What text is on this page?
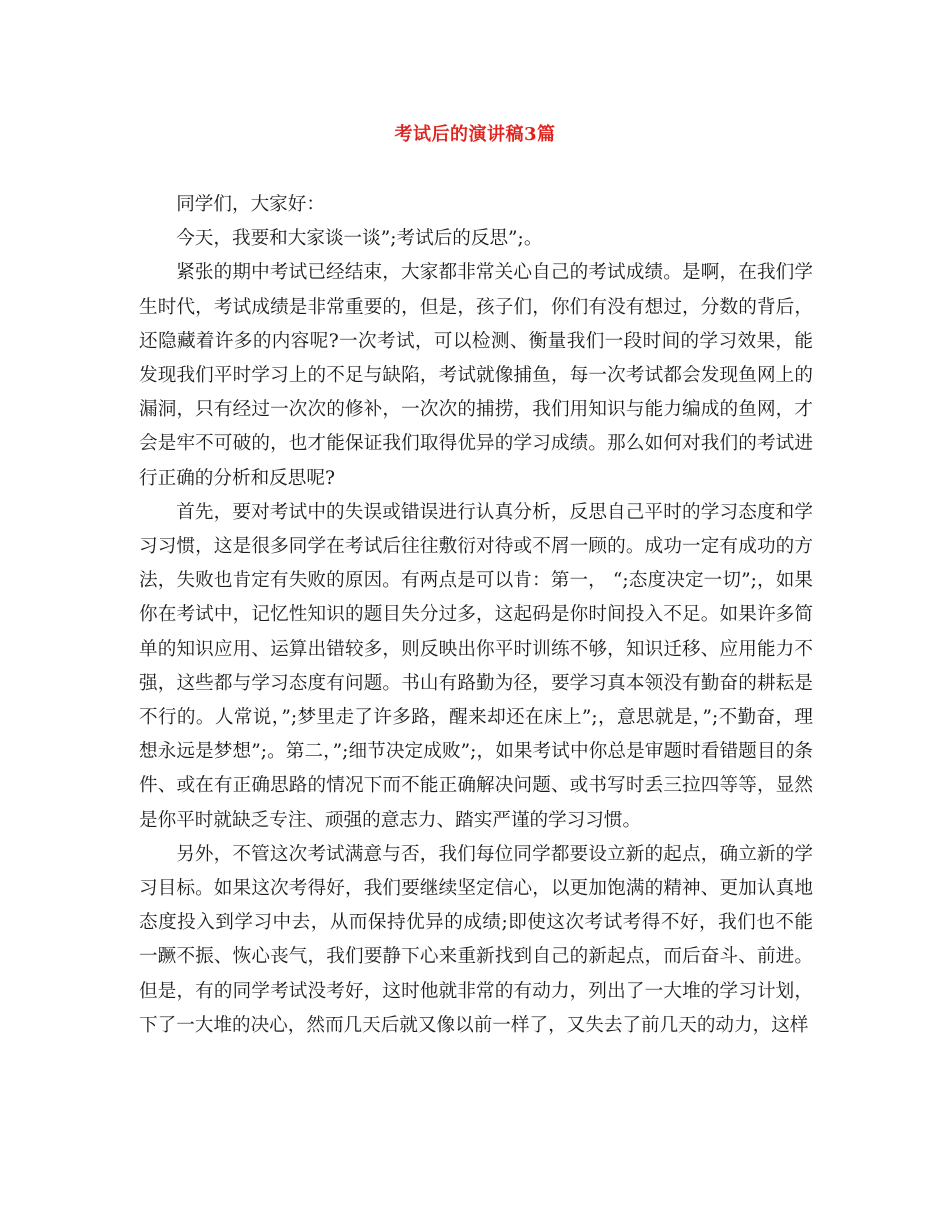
考试后的演讲稿3篇

同学们，大家好：

今天，我要和大家谈一谈”;考试后的反思”;。

紧张的期中考试已经结束，大家都非常关心自己的考试成绩。是啊，在我们学生时代，考试成绩是非常重要的，但是，孩子们，你们有没有想过，分数的背后，还隐藏着许多的内容呢?一次考试，可以检测、衡量我们一段时间的学习效果，能发现我们平时学习上的不足与缺陷，考试就像捕鱼，每一次考试都会发现鱼网上的漏洞，只有经过一次次的修补，一次次的捕捞，我们用知识与能力编成的鱼网，才会是牢不可破的，也才能保证我们取得优异的学习成绩。那么如何对我们的考试进行正确的分析和反思呢?

首先，要对考试中的失误或错误进行认真分析，反思自己平时的学习态度和学习习惯，这是很多同学在考试后往往敷衍对待或不屑一顾的。成功一定有成功的方法，失败也肯定有失败的原因。有两点是可以肯：第一， “;态度决定一切”;，如果你在考试中，记忆性知识的题目失分过多，这起码是你时间投入不足。如果许多简单的知识应用、运算出错较多，则反映出你平时训练不够，知识迁移、应用能力不强，这些都与学习态度有问题。书山有路勤为径，要学习真本领没有勤奋的耕耘是不行的。人常说，”;梦里走了许多路，醒来却还在床上”;，意思就是，”;不勤奋，理想永远是梦想”;。第二，”;细节决定成败”;，如果考试中你总是审题时看错题目的条件、或在有正确思路的情况下而不能正确解决问题、或书写时丢三拉四等等，显然是你平时就缺乏专注、顽强的意志力、踏实严谨的学习习惯。

另外，不管这次考试满意与否，我们每位同学都要设立新的起点，确立新的学习目标。如果这次考得好，我们要继续坚定信心，以更加饱满的精神、更加认真地态度投入到学习中去，从而保持优异的成绩;即使这次考试考得不好，我们也不能一蹶不振、恢心丧气，我们要静下心来重新找到自己的新起点，而后奋斗、前进。但是，有的同学考试没考好，这时他就非常的有动力，列出了一大堆的学习计划，下了一大堆的决心，然而几天后就又像以前一样了，又失去了前几天的动力，这样
